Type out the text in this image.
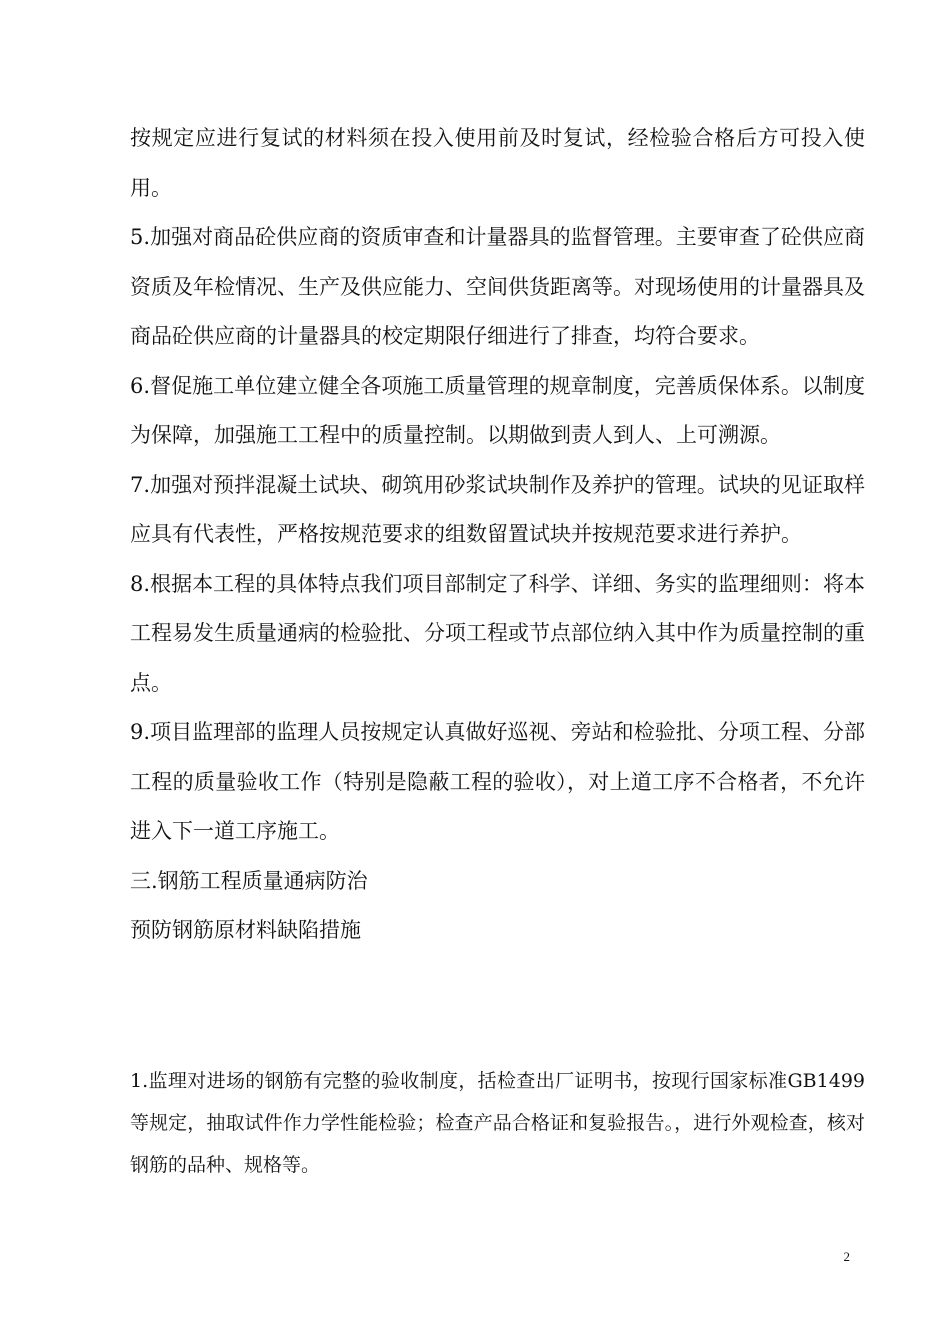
按规定应进行复试的材料须在投入使用前及时复试，经检验合格后方可投入使用。

5.加强对商品砼供应商的资质审查和计量器具的监督管理。主要审查了砼供应商资质及年检情况、生产及供应能力、空间供货距离等。对现场使用的计量器具及商品砼供应商的计量器具的校定期限仔细进行了排查，均符合要求。

6.督促施工单位建立健全各项施工质量管理的规章制度，完善质保体系。以制度为保障，加强施工工程中的质量控制。以期做到责人到人、上可溯源。

7.加强对预拌混凝土试块、砌筑用砂浆试块制作及养护的管理。试块的见证取样应具有代表性，严格按规范要求的组数留置试块并按规范要求进行养护。

8.根据本工程的具体特点我们项目部制定了科学、详细、务实的监理细则：将本工程易发生质量通病的检验批、分项工程或节点部位纳入其中作为质量控制的重点。

9.项目监理部的监理人员按规定认真做好巡视、旁站和检验批、分项工程、分部工程的质量验收工作（特别是隐蔽工程的验收），对上道工序不合格者，不允许进入下一道工序施工。

三.钢筋工程质量通病防治

预防钢筋原材料缺陷措施

1.监理对进场的钢筋有完整的验收制度，括检查出厂证明书，按现行国家标准GB1499等规定，抽取试件作力学性能检验；检查产品合格证和复验报告。，进行外观检查，核对钢筋的品种、规格等。

2
